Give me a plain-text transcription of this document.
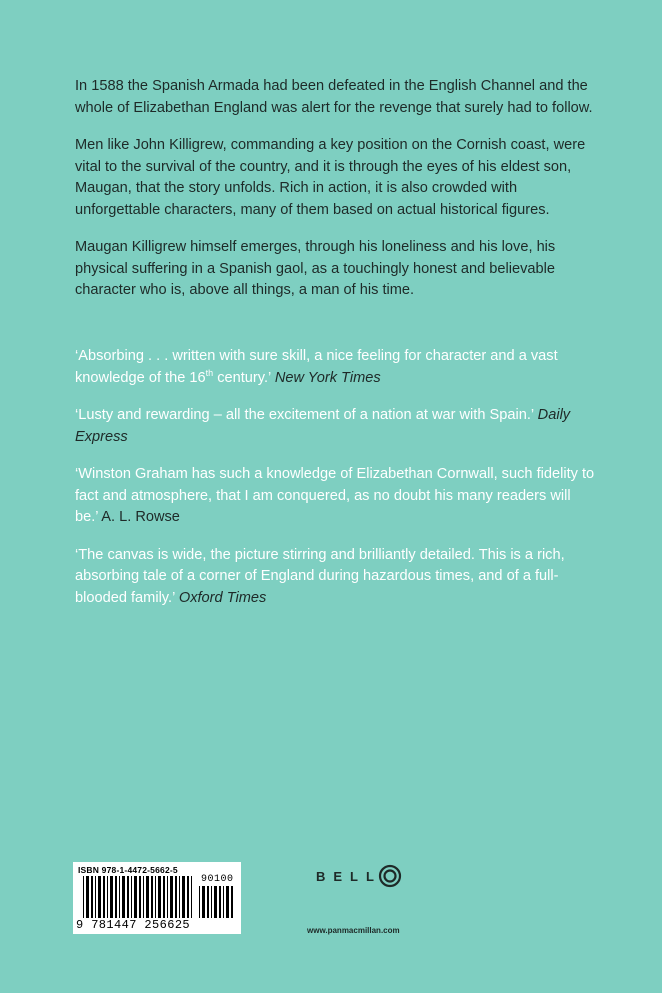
In 1588 the Spanish Armada had been defeated in the English Channel and the whole of Elizabethan England was alert for the revenge that surely had to follow.

Men like John Killigrew, commanding a key position on the Cornish coast, were vital to the survival of the country, and it is through the eyes of his eldest son, Maugan, that the story unfolds. Rich in action, it is also crowded with unforgettable characters, many of them based on actual historical figures.

Maugan Killigrew himself emerges, through his loneliness and his love, his physical suffering in a Spanish gaol, as a touchingly honest and believable character who is, above all things, a man of his time.

‘Absorbing . . . written with sure skill, a nice feeling for character and a vast knowledge of the 16th century.’ New York Times

‘Lusty and rewarding – all the excitement of a nation at war with Spain.’ Daily Express

‘Winston Graham has such a knowledge of Elizabethan Cornwall, such fidelity to fact and atmosphere, that I am conquered, as no doubt his many readers will be.’ A. L. Rowse

‘The canvas is wide, the picture stirring and brilliantly detailed. This is a rich, absorbing tale of a corner of England during hazardous times, and of a full-blooded family.’ Oxford Times

ISBN 978-1-4472-5662-5
90100
9 781447 256625
BELL
www.panmacmillan.com
